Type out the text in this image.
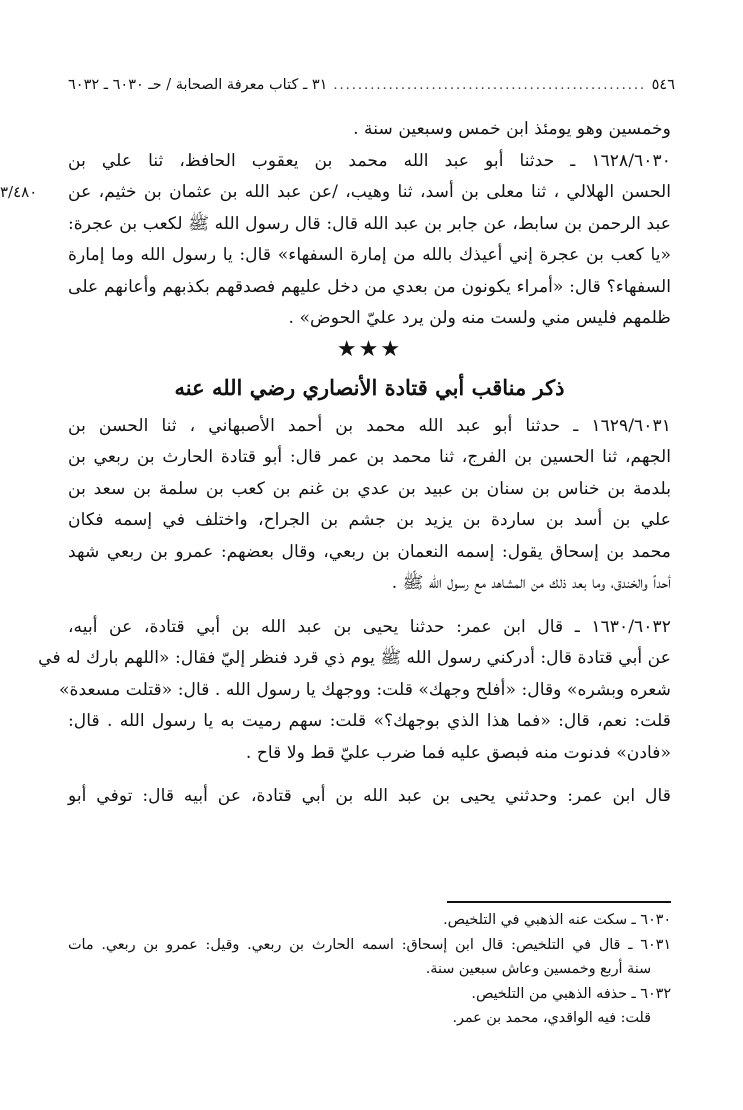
٥٤٦
.....
٣١ ـ كتاب معرفة الصحابة / حـ ٦٠٣٠ ـ ٦٠٣٢
وخمسين وهو يومئذ ابن خمس وسبعين سنة .
١٦٢٨/٦٠٣٠ ـ حدثنا أبو عبد الله محمد بن يعقوب الحافظ، ثنا علي بن
الحسن الهلالي ، ثنا معلى بن أسد، ثنا وهيب، /عن عبد الله بن عثمان بن خثيم، عن
٣/٤٨٠
عبد الرحمن بن سابط، عن جابر بن عبد الله قال: قال رسول الله ﷺ لكعب بن عجرة:
«يا كعب بن عجرة إني أعيذك بالله من إمارة السفهاء» قال: يا رسول الله وما إمارة
السفهاء؟ قال: «أمراء يكونون من بعدي من دخل عليهم فصدقهم بكذبهم وأعانهم على
ظلمهم فليس مني ولست منه ولن يرد عليّ الحوض» .
★★★
ذكر مناقب أبي قتادة الأنصاري رضي الله عنه
١٦٢٩/٦٠٣١ ـ حدثنا أبو عبد الله محمد بن أحمد الأصبهاني ، ثنا الحسن بن
الجهم، ثنا الحسين بن الفرج، ثنا محمد بن عمر قال: أبو قتادة الحارث بن ربعي بن
بلدمة بن خناس بن سنان بن عبيد بن عدي بن غنم بن كعب بن سلمة بن سعد بن
علي بن أسد بن ساردة بن يزيد بن جشم بن الجراح، واختلف في إسمه فكان
محمد بن إسحاق يقول: إسمه النعمان بن ربعي، وقال بعضهم: عمرو بن ربعي شهد
أحداً والخندق، وما بعد ذلك من المشاهد مع رسول الله ﷺ .
١٦٣٠/٦٠٣٢ ـ قال ابن عمر: حدثنا يحيى بن عبد الله بن أبي قتادة، عن أبيه،
عن أبي قتادة قال: أدركني رسول الله ﷺ يوم ذي قرد فنظر إليّ فقال: «اللهم بارك له في
شعره وبشره» وقال: «أفلح وجهك» قلت: ووجهك يا رسول الله . قال: «قتلت مسعدة»
قلت: نعم، قال: «فما هذا الذي بوجهك؟» قلت: سهم رميت به يا رسول الله . قال:
«فادن» فدنوت منه فبصق عليه فما ضرب عليّ قط ولا قاح .
قال ابن عمر: وحدثني يحيى بن عبد الله بن أبي قتادة، عن أبيه قال: توفي أبو
٦٠٣٠ ـ سكت عنه الذهبي في التلخيص.
٦٠٣١ ـ قال في التلخيص: قال ابن إسحاق: اسمه الحارث بن ربعي. وقيل: عمرو بن ربعي. مات
سنة أربع وخمسين وعاش سبعين سنة.
٦٠٣٢ ـ حذفه الذهبي من التلخيص.
قلت: فيه الواقدي، محمد بن عمر.
